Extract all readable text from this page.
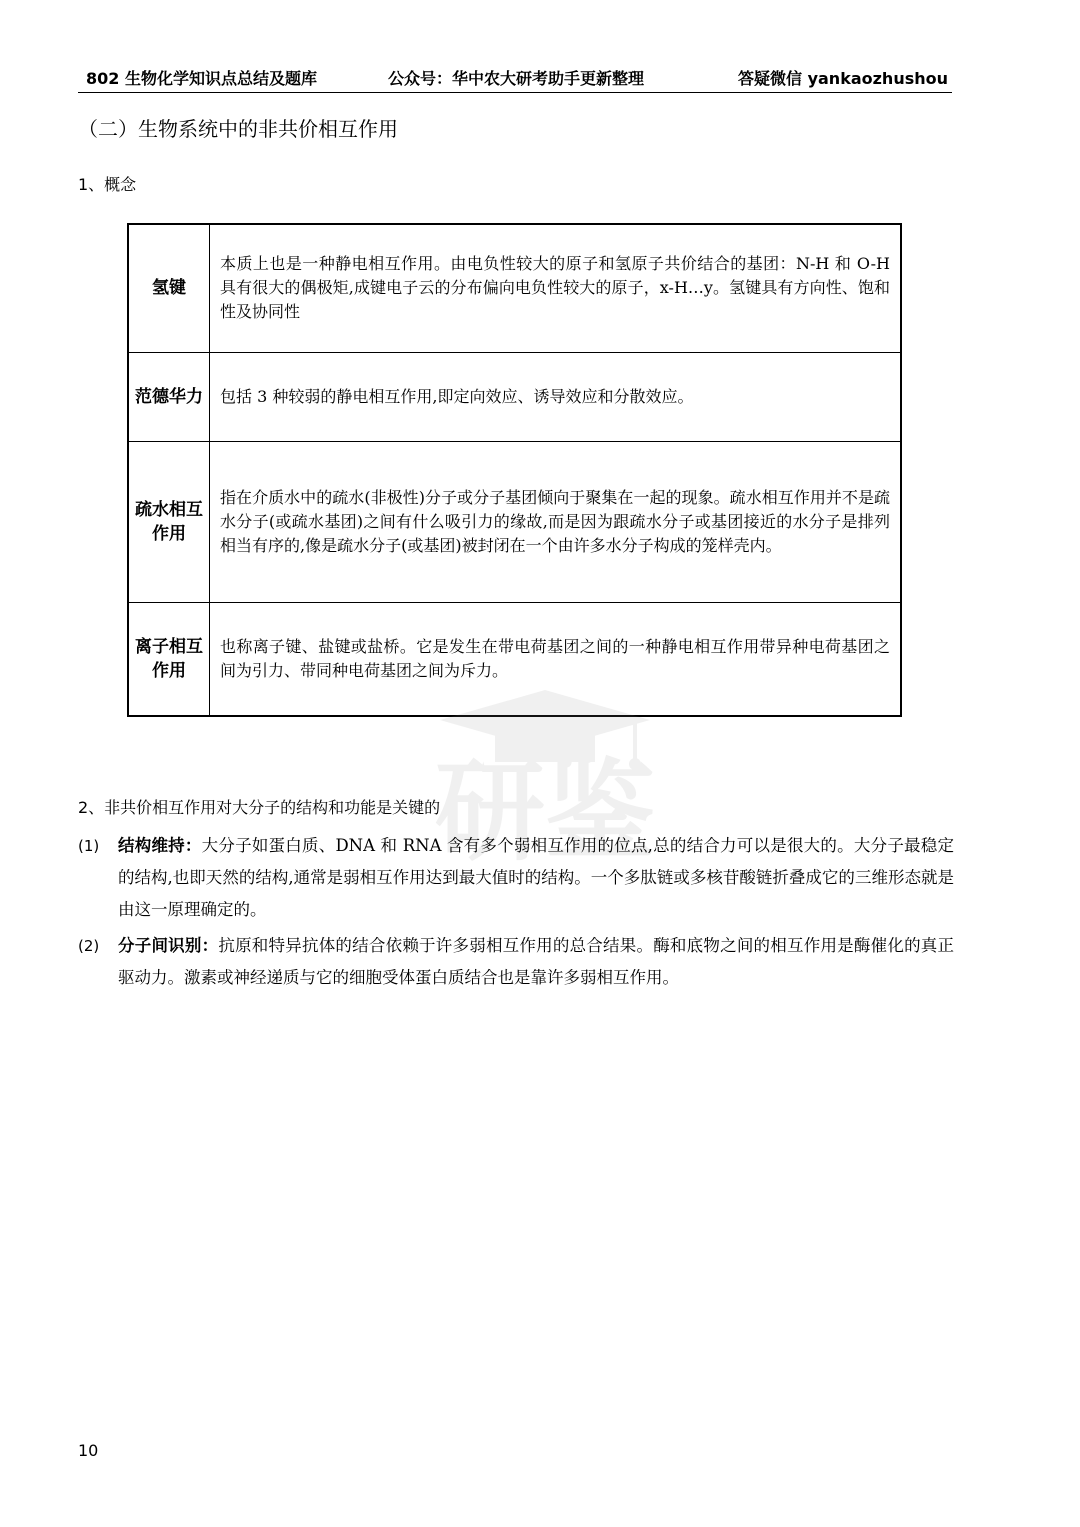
802 生物化学知识点总结及题库	公众号：华中农大研考助手更新整理	答疑微信 yankaozhushou
（二）生物系统中的非共价相互作用
1、概念
氢键	本质上也是一种静电相互作用。由电负性较大的原子和氢原子共价结合的基团：N-H 和 O-H 具有很大的偶极矩,成键电子云的分布偏向电负性较大的原子，x-H…y。氢键具有方向性、饱和性及协同性
范德华力	包括 3 种较弱的静电相互作用,即定向效应、诱导效应和分散效应。
疏水相互作用	指在介质水中的疏水(非极性)分子或分子基团倾向于聚集在一起的现象。疏水相互作用并不是疏水分子(或疏水基团)之间有什么吸引力的缘故,而是因为跟疏水分子或基团接近的水分子是排列相当有序的,像是疏水分子(或基团)被封闭在一个由许多水分子构成的笼样壳内。
离子相互作用	也称离子键、盐键或盐桥。它是发生在带电荷基团之间的一种静电相互作用带异种电荷基团之间为引力、带同种电荷基团之间为斥力。
研鉴
2、非共价相互作用对大分子的结构和功能是关键的
(1) 结构维持：大分子如蛋白质、DNA 和 RNA 含有多个弱相互作用的位点,总的结合力可以是很大的。大分子最稳定的结构,也即天然的结构,通常是弱相互作用达到最大值时的结构。一个多肽链或多核苷酸链折叠成它的三维形态就是由这一原理确定的。
(2) 分子间识别：抗原和特异抗体的结合依赖于许多弱相互作用的总合结果。酶和底物之间的相互作用是酶催化的真正驱动力。激素或神经递质与它的细胞受体蛋白质结合也是靠许多弱相互作用。
10
